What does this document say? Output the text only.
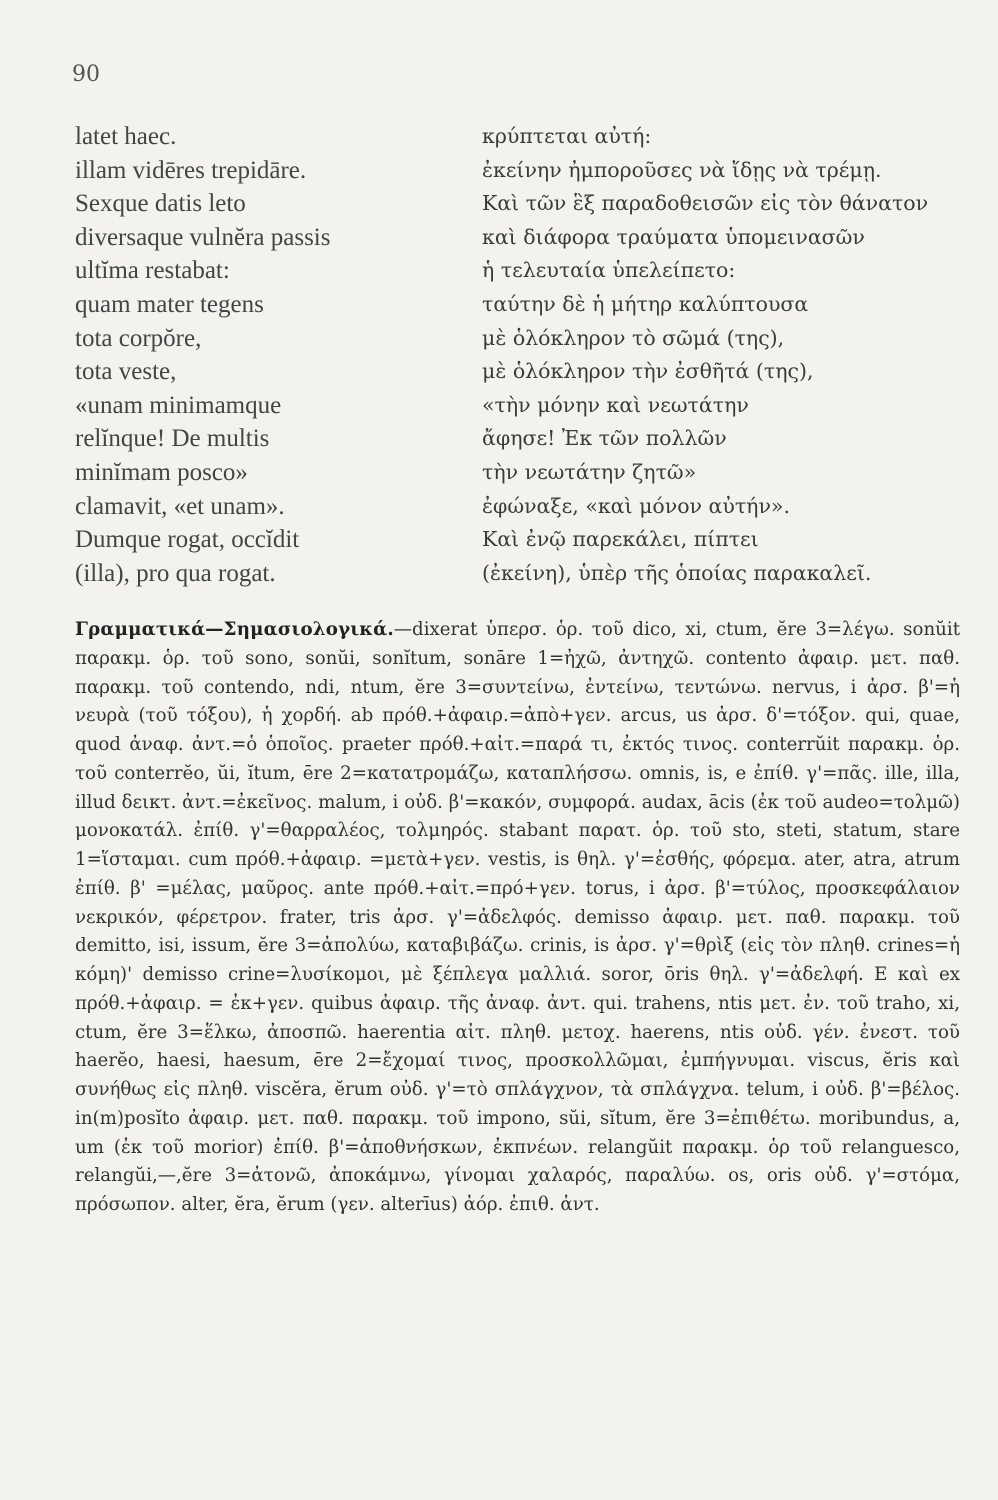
90
latet haec.
illam vidēres trepidāre.
Sexque datis leto
diversaque vulnĕra passis
ultĭma restabat:
quam mater tegens
tota corpŏre,
tota veste,
«unam minimamque
relĭnque! De multis
minĭmam posco»
clamavit, «et unam».
Dumque rogat, occĭdit
(illa), pro qua rogat.
κρύπτεται αὐτή:
ἐκείνην ἠμποροῦσες νὰ ἴδῃς νὰ τρέμῃ.
Καὶ τῶν ἓξ παραδοθεισῶν εἰς τὸν θάνατον
καὶ διάφορα τραύματα ὑπομεινασῶν
ἡ τελευταία ὑπελείπετο:
ταύτην δὲ ἡ μήτηρ καλύπτουσα
μὲ ὁλόκληρον τὸ σῶμά (της),
μὲ ὁλόκληρον τὴν ἐσθῆτά (της),
«τὴν μόνην καὶ νεωτάτην
ἄφησε! Ἐκ τῶν πολλῶν
τὴν νεωτάτην ζητῶ»
ἐφώναξε, «καὶ μόνον αὐτήν».
Καὶ ἐνῷ παρεκάλει, πίπτει
(ἐκείνη), ὑπὲρ τῆς ὁποίας παρακαλεῖ.

Γραμματικά—Σημασιολογικά.—dixerat ὑπερσ. ὁρ. τοῦ dico, xi, ctum, ĕre 3=λέγω. sonŭit παρακμ. ὁρ. τοῦ sono, sonŭi, sonĭtum, sonāre 1=ἠχῶ, ἀντηχῶ. contento ἀφαιρ. μετ. παθ. παρακμ. τοῦ contendo, ndi, ntum, ĕre 3=συντείνω, ἐντείνω, τεντώνω. nervus, i ἀρσ. β'=ἡ νευρὰ (τοῦ τόξου), ἡ χορδή. ab πρόθ.+ἀφαιρ.=ἀπὸ+γεν. arcus, us ἀρσ. δ'=τόξον. qui, quae, quod ἀναφ. ἀντ.=ὁ ὁποῖος. praeter πρόθ.+αἰτ.=παρά τι, ἐκτός τινος. conterrŭit παρακμ. ὁρ. τοῦ conterrĕo, ŭi, ĭtum, ēre 2=κατατρομάζω, καταπλήσσω. omnis, is, e ἐπίθ. γ'=πᾶς. ille, illa, illud δεικτ. ἀντ.=ἐκεῖνος. malum, i οὐδ. β'=κακόν, συμφορά. audax, ācis (ἐκ τοῦ audeo=τολμῶ) μονοκατάλ. ἐπίθ. γ'=θαρραλέος, τολμηρός. stabant παρατ. ὁρ. τοῦ sto, steti, statum, stare 1=ἵσταμαι. cum πρόθ.+ἀφαιρ. =μετὰ+γεν. vestis, is θηλ. γ'=ἐσθής, φόρεμα. ater, atra, atrum ἐπίθ. β' =μέλας, μαῦρος. ante πρόθ.+αἰτ.=πρό+γεν. torus, i ἀρσ. β'=τύλος, προσκεφάλαιον νεκρικόν, φέρετρον. frater, tris ἀρσ. γ'=ἀδελφός. demisso ἀφαιρ. μετ. παθ. παρακμ. τοῦ demitto, isi, issum, ĕre 3=ἀπολύω, καταβιβάζω. crinis, is ἀρσ. γ'=θρὶξ (εἰς τὸν πληθ. crines=ἡ κόμη)' demisso crine=λυσίκομοι, μὲ ξέπλεγα μαλλιά. soror, ōris θηλ. γ'=ἀδελφή. E καὶ ex πρόθ.+ἀφαιρ. = ἐκ+γεν. quibus ἀφαιρ. τῆς ἀναφ. ἀντ. qui. trahens, ntis μετ. ἐν. τοῦ traho, xi, ctum, ĕre 3=ἕλκω, ἀποσπῶ. haerentia αἰτ. πληθ. μετοχ. haerens, ntis οὐδ. γέν. ἐνεστ. τοῦ haerĕo, haesi, haesum, ēre 2=ἔχομαί τινος, προσκολλῶμαι, ἐμπήγνυμαι. viscus, ĕris καὶ συνήθως εἰς πληθ. viscĕra, ĕrum οὐδ. γ'=τὸ σπλάγχνον, τὰ σπλάγχνα. telum, i οὐδ. β'=βέλος. in(m)posĭto ἀφαιρ. μετ. παθ. παρακμ. τοῦ impono, sŭi, sĭtum, ĕre 3=ἐπιθέτω. moribundus, a, um (ἐκ τοῦ morior) ἐπίθ. β'=ἀποθνήσκων, ἐκπνέων. relangŭit παρακμ. ὁρ τοῦ relanguesco, relangŭi,—,ĕre 3=ἀτονῶ, ἀποκάμνω, γίνομαι χαλαρός, παραλύω. os, oris οὐδ. γ'=στόμα, πρόσωπον. alter, ĕra, ĕrum (γεν. alterīus) ἀόρ. ἐπιθ. ἀντ.
